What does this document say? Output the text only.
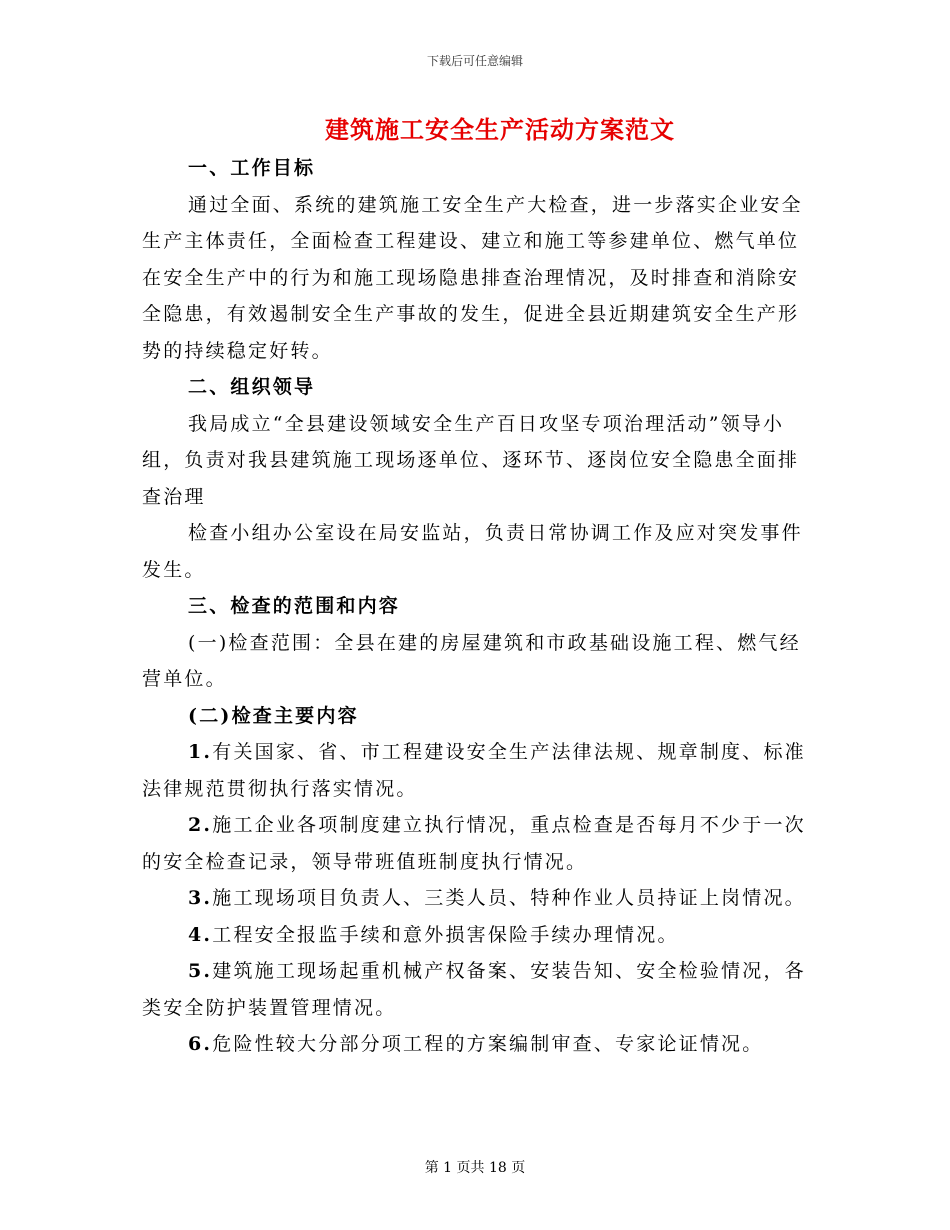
下载后可任意编辑
建筑施工安全生产活动方案范文

一、工作目标

通过全面、系统的建筑施工安全生产大检查，进一步落实企业安全生产主体责任，全面检查工程建设、建立和施工等参建单位、燃气单位在安全生产中的行为和施工现场隐患排查治理情况，及时排查和消除安全隐患，有效遏制安全生产事故的发生，促进全县近期建筑安全生产形势的持续稳定好转。

二、组织领导

我局成立“全县建设领域安全生产百日攻坚专项治理活动”领导小组，负责对我县建筑施工现场逐单位、逐环节、逐岗位安全隐患全面排查治理

检查小组办公室设在局安监站，负责日常协调工作及应对突发事件发生。

三、检查的范围和内容

(一)检查范围：全县在建的房屋建筑和市政基础设施工程、燃气经营单位。

(二)检查主要内容

1.有关国家、省、市工程建设安全生产法律法规、规章制度、标准法律规范贯彻执行落实情况。

2.施工企业各项制度建立执行情况，重点检查是否每月不少于一次的安全检查记录，领导带班值班制度执行情况。

3.施工现场项目负责人、三类人员、特种作业人员持证上岗情况。

4.工程安全报监手续和意外损害保险手续办理情况。

5.建筑施工现场起重机械产权备案、安装告知、安全检验情况，各类安全防护装置管理情况。

6.危险性较大分部分项工程的方案编制审查、专家论证情况。

第 1 页共 18 页
